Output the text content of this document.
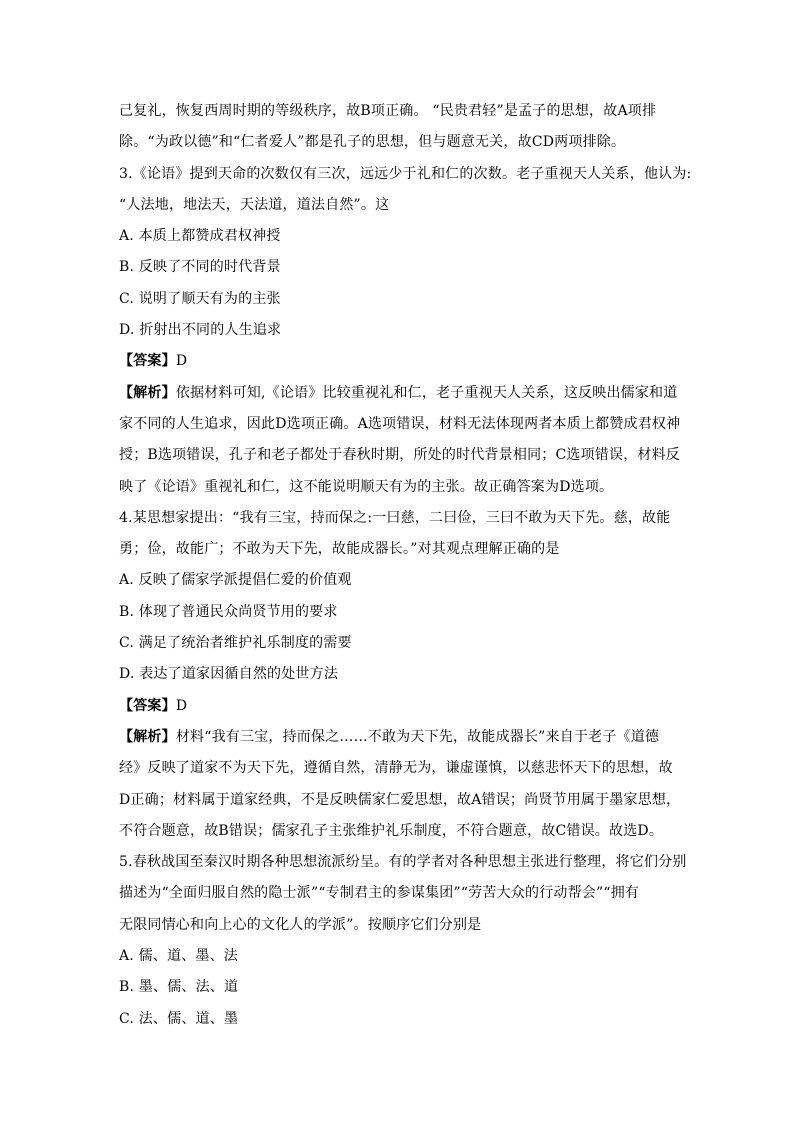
己复礼，恢复西周时期的等级秩序，故B项正确。 “民贵君轻”是孟子的思想，故A项排
除。“为政以德”和“仁者爱人”都是孔子的思想，但与题意无关，故CD两项排除。
3.《论语》提到天命的次数仅有三次，远远少于礼和仁的次数。老子重视天人关系，他认为:
“人法地，地法天，天法道，道法自然”。这
A. 本质上都赞成君权神授
B. 反映了不同的时代背景
C. 说明了顺天有为的主张
D. 折射出不同的人生追求
【答案】D
【解析】依据材料可知,《论语》比较重视礼和仁，老子重视天人关系，这反映出儒家和道
家不同的人生追求，因此D选项正确。A选项错误，材料无法体现两者本质上都赞成君权神
授；B选项错误，孔子和老子都处于春秋时期，所处的时代背景相同；C选项错误，材料反
映了《论语》重视礼和仁，这不能说明顺天有为的主张。故正确答案为D选项。
4.某思想家提出：“我有三宝，持而保之:一曰慈，二曰俭，三曰不敢为天下先。慈，故能
勇；俭，故能广；不敢为天下先，故能成器长。”对其观点理解正确的是
A. 反映了儒家学派提倡仁爱的价值观
B. 体现了普通民众尚贤节用的要求
C. 满足了统治者维护礼乐制度的需要
D. 表达了道家因循自然的处世方法
【答案】D
【解析】材料“我有三宝，持而保之……不敢为天下先，故能成器长”来自于老子《道德
经》反映了道家不为天下先，遵循自然，清静无为，谦虚谨慎，以慈悲怀天下的思想，故
D正确；材料属于道家经典，不是反映儒家仁爱思想，故A错误；尚贤节用属于墨家思想，
不符合题意，故B错误；儒家孔子主张维护礼乐制度，不符合题意，故C错误。故选D。
5.春秋战国至秦汉时期各种思想流派纷呈。有的学者对各种思想主张进行整理，将它们分别
描述为“全面归服自然的隐士派”“专制君主的参谋集团”“劳苦大众的行动帮会”“拥有
无限同情心和向上心的文化人的学派”。按顺序它们分别是
A. 儒、道、墨、法
B. 墨、儒、法、道
C. 法、儒、道、墨
